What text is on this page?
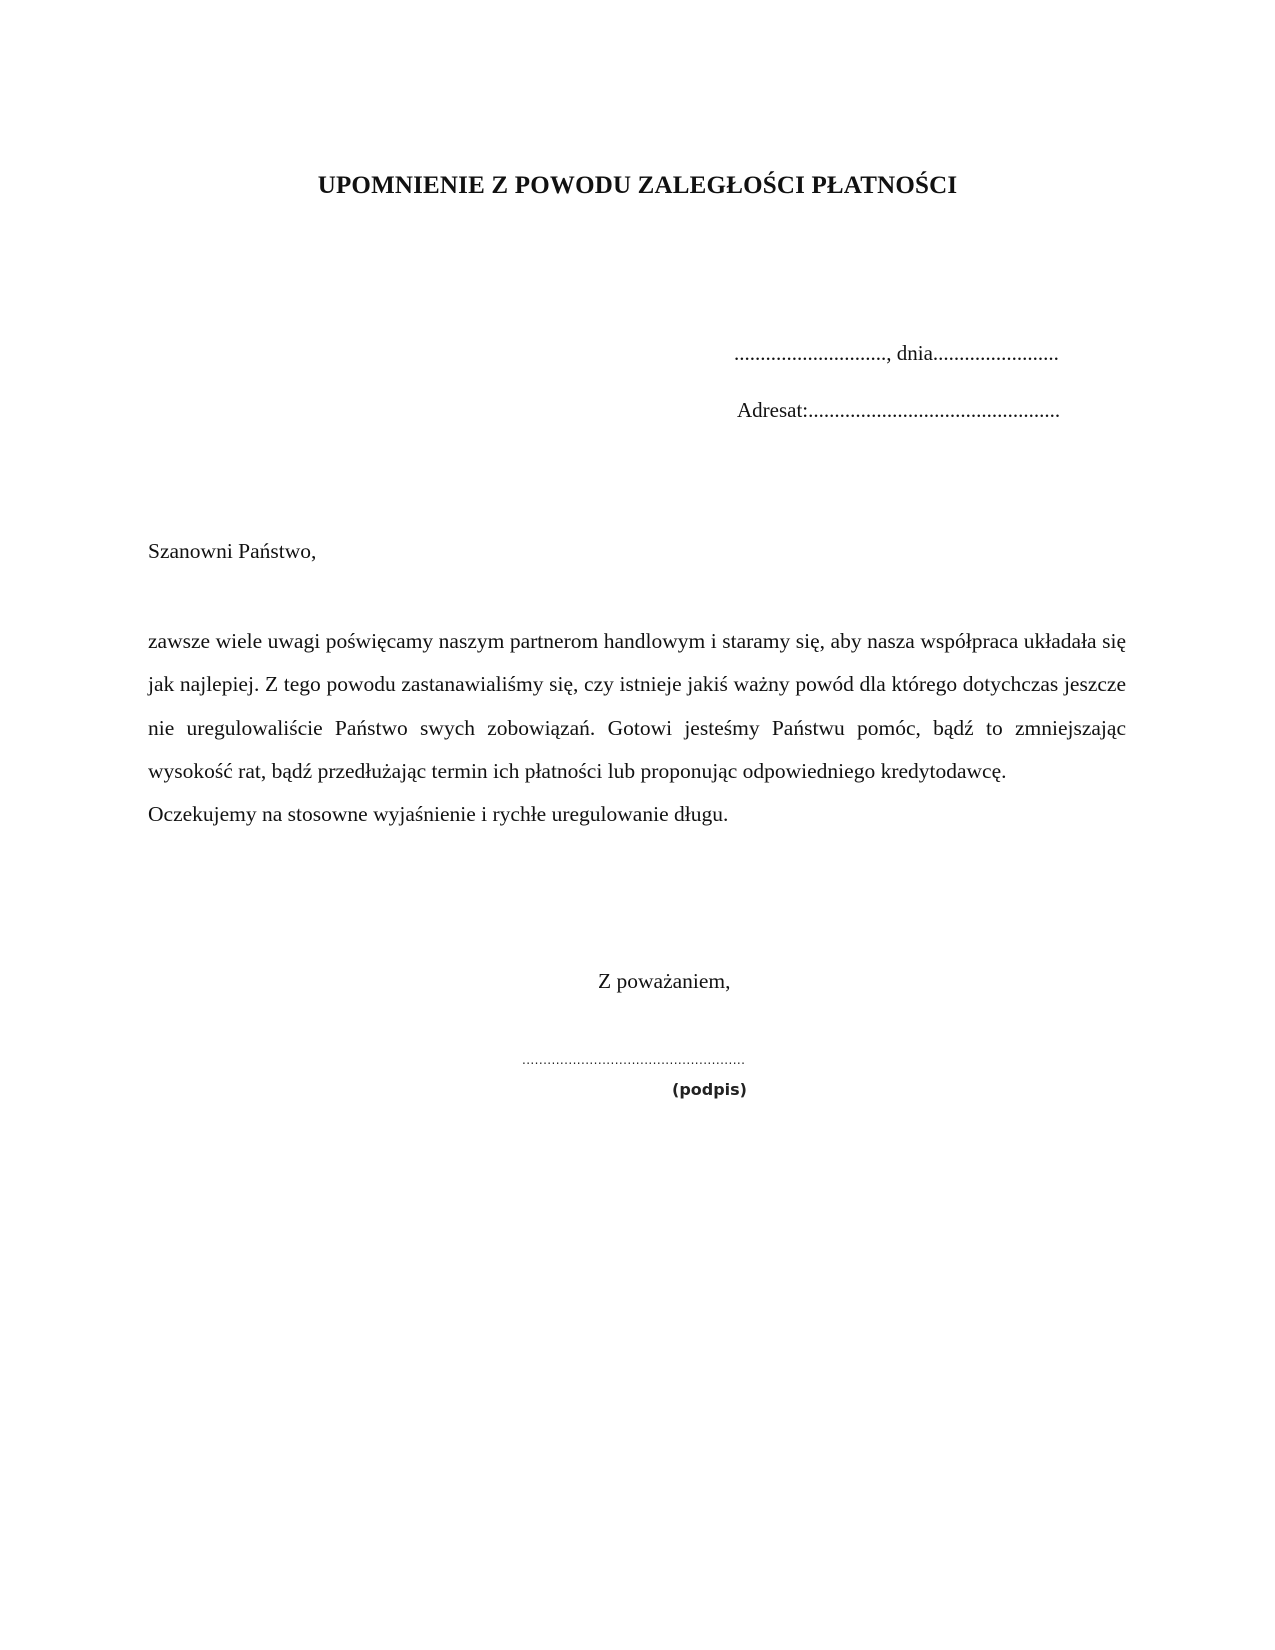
UPOMNIENIE Z POWODU ZALEGŁOŚCI PŁATNOŚCI
............................., dnia........................
Adresat:................................................
Szanowni Państwo,

zawsze wiele uwagi poświęcamy naszym partnerom handlowym i staramy się, aby nasza współpraca układała się jak najlepiej. Z tego powodu zastanawialiśmy się, czy istnieje jakiś ważny powód dla którego dotychczas jeszcze nie uregulowaliście Państwo swych zobowiązań. Gotowi jesteśmy Państwu pomóc, bądź to zmniejszając wysokość rat, bądź przedłużając termin ich płatności lub proponując odpowiedniego kredytodawcę.

Oczekujemy na stosowne wyjaśnienie i rychłe uregulowanie długu.

Z poważaniem,
.....................................................
(podpis)
